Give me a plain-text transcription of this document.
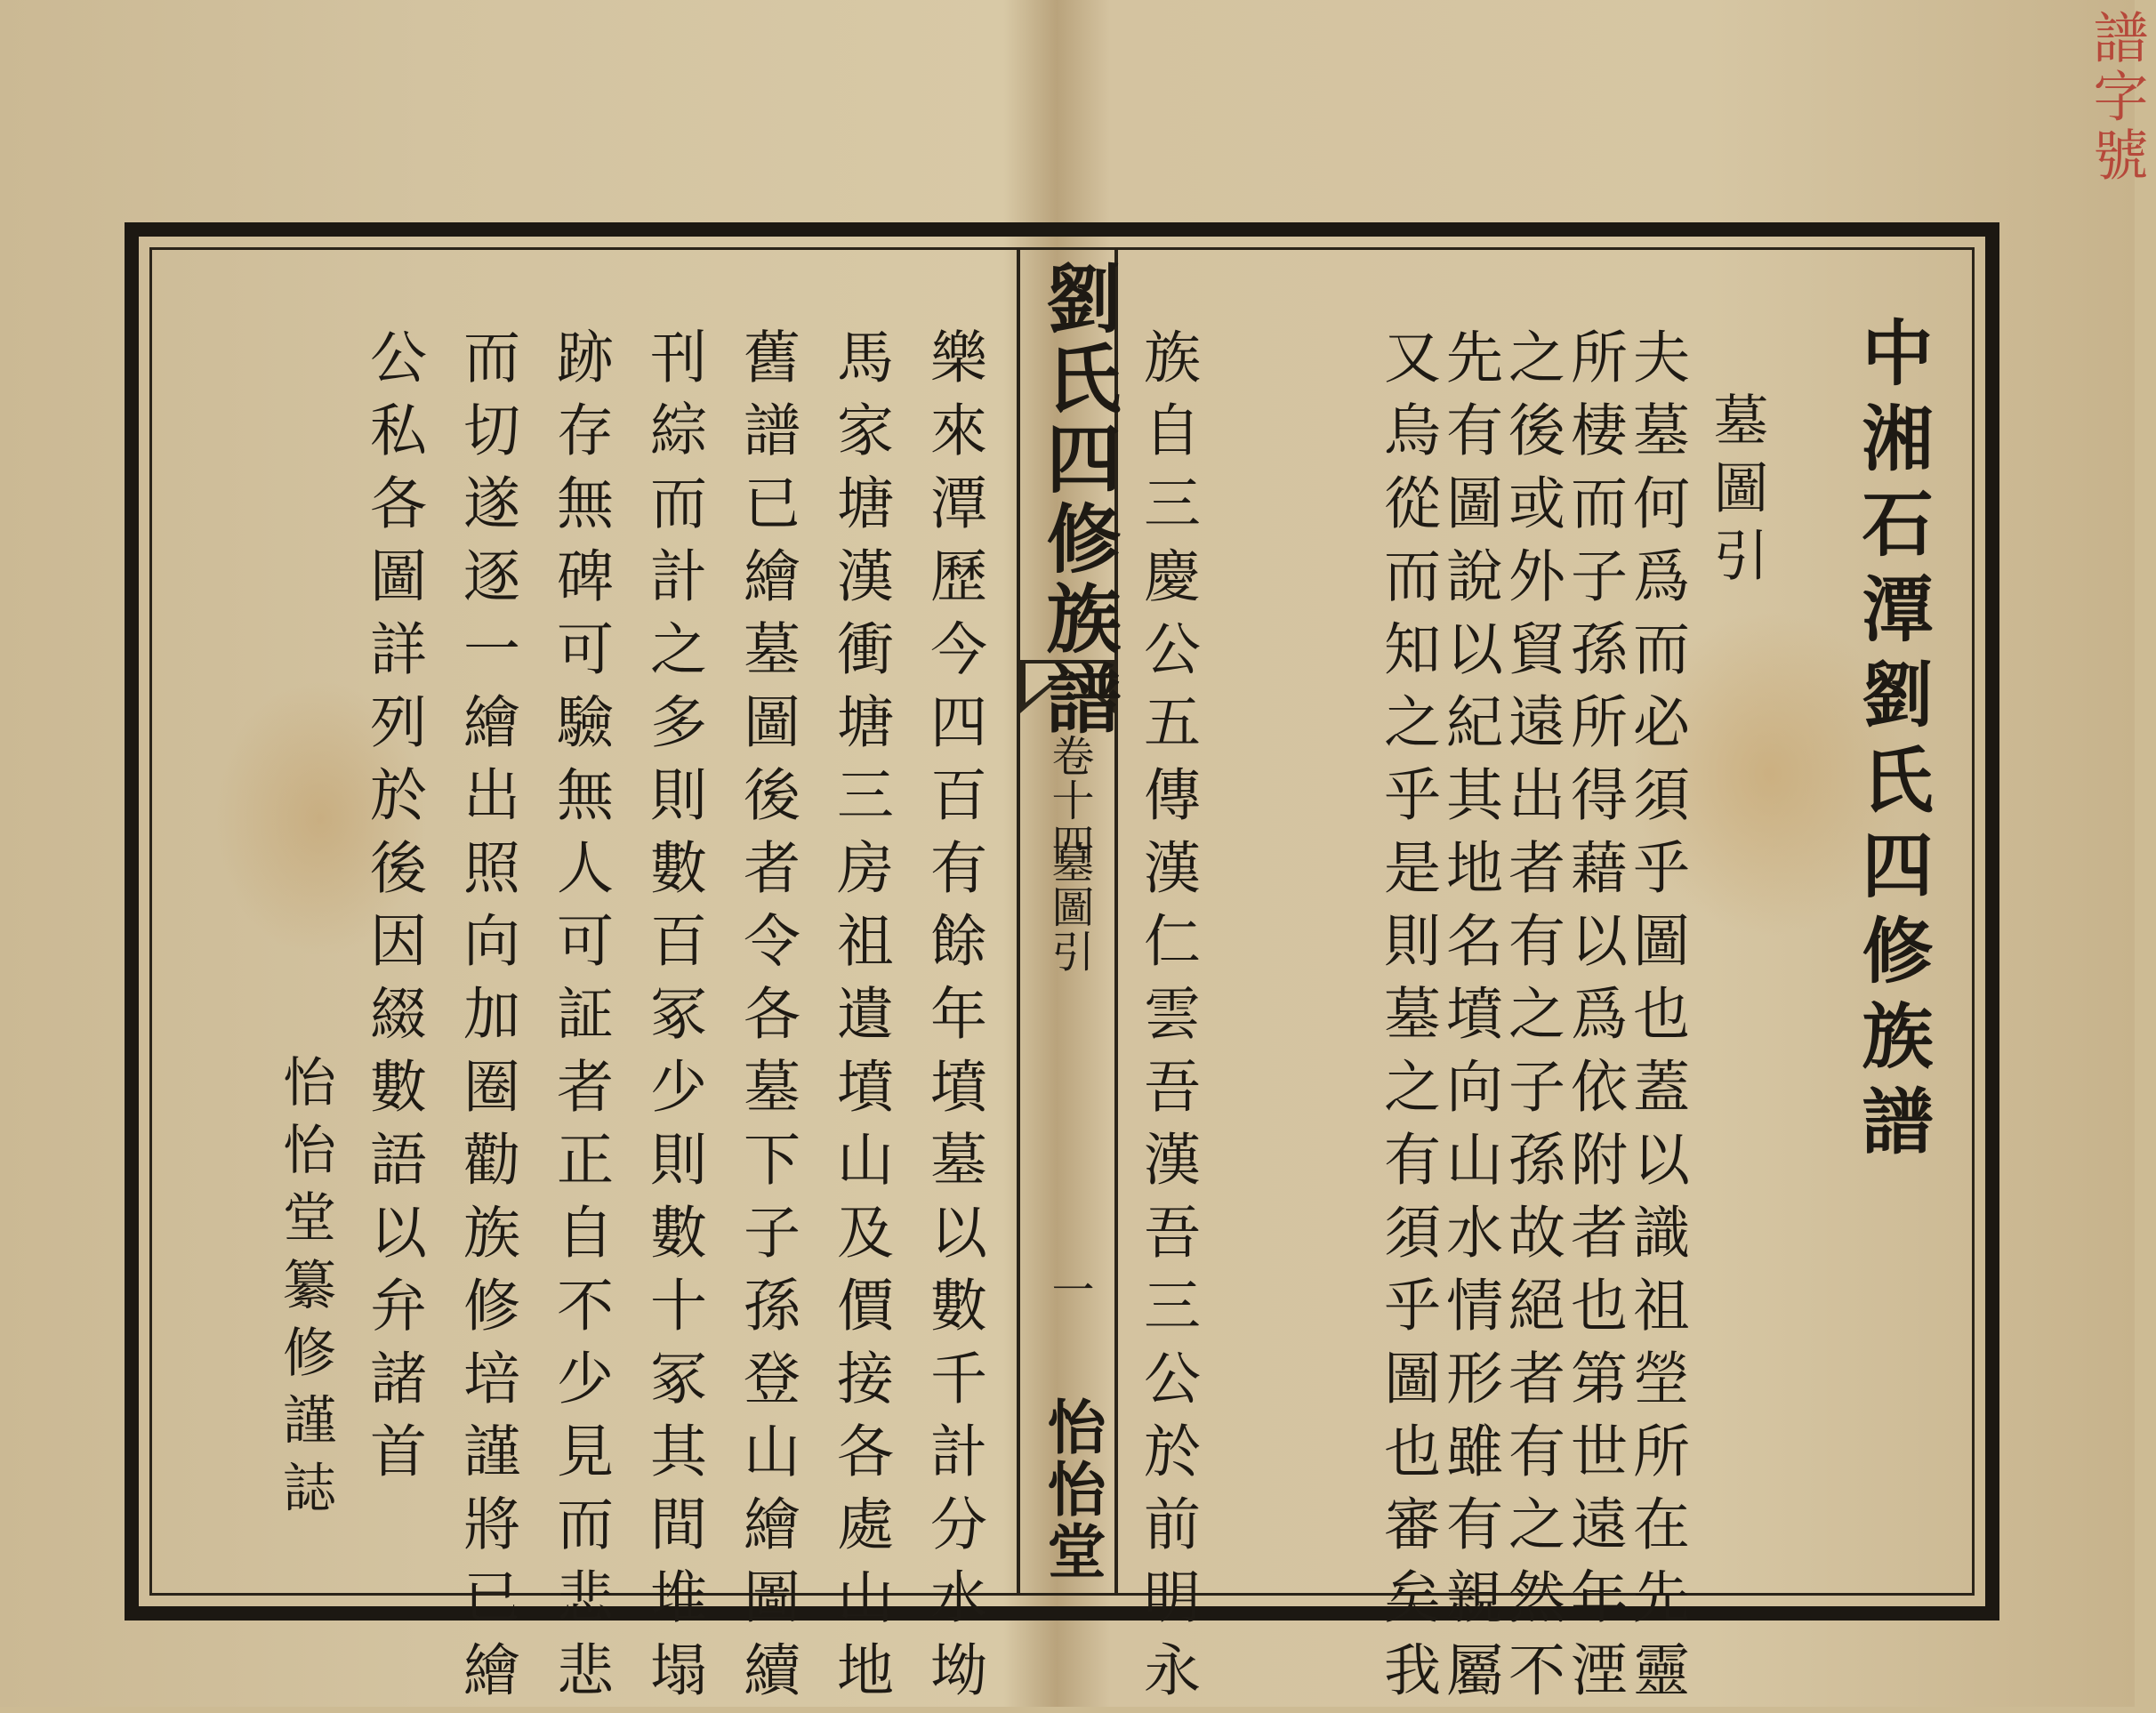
譜字號
中湘石潭劉氏四修族譜
墓圖引
夫墓何爲而必須乎圖也蓋以識祖塋所在先靈
所棲而子孫所得藉以爲依附者也第世遠年湮
之後或外貿遠出者有之子孫故絕者有之然不
先有圖說以紀其地名墳向山水情形雖有親屬
又烏從而知之乎是則墓之有須乎圖也審矣我
族自三慶公五傳漢仁雲吾漢吾三公於前明永
劉氏四修族譜
卷十四
墓圖引
一
怡怡堂
樂來潭歷今四百有餘年墳墓以數千計分水坳
馬家塘漢衝塘三房祖遺墳山及價接各處山地
舊譜已繪墓圖後者令各墓下子孫登山繪圖續
刊綜而計之多則數百冢少則數十冢其間堆塌
跡存無碑可驗無人可証者正自不少見而悲悲
而切遂逐一繪出照向加圈勸族修培謹將已繪
公私各圖詳列於後因綴數語以弁諸首
怡怡堂纂修謹誌
